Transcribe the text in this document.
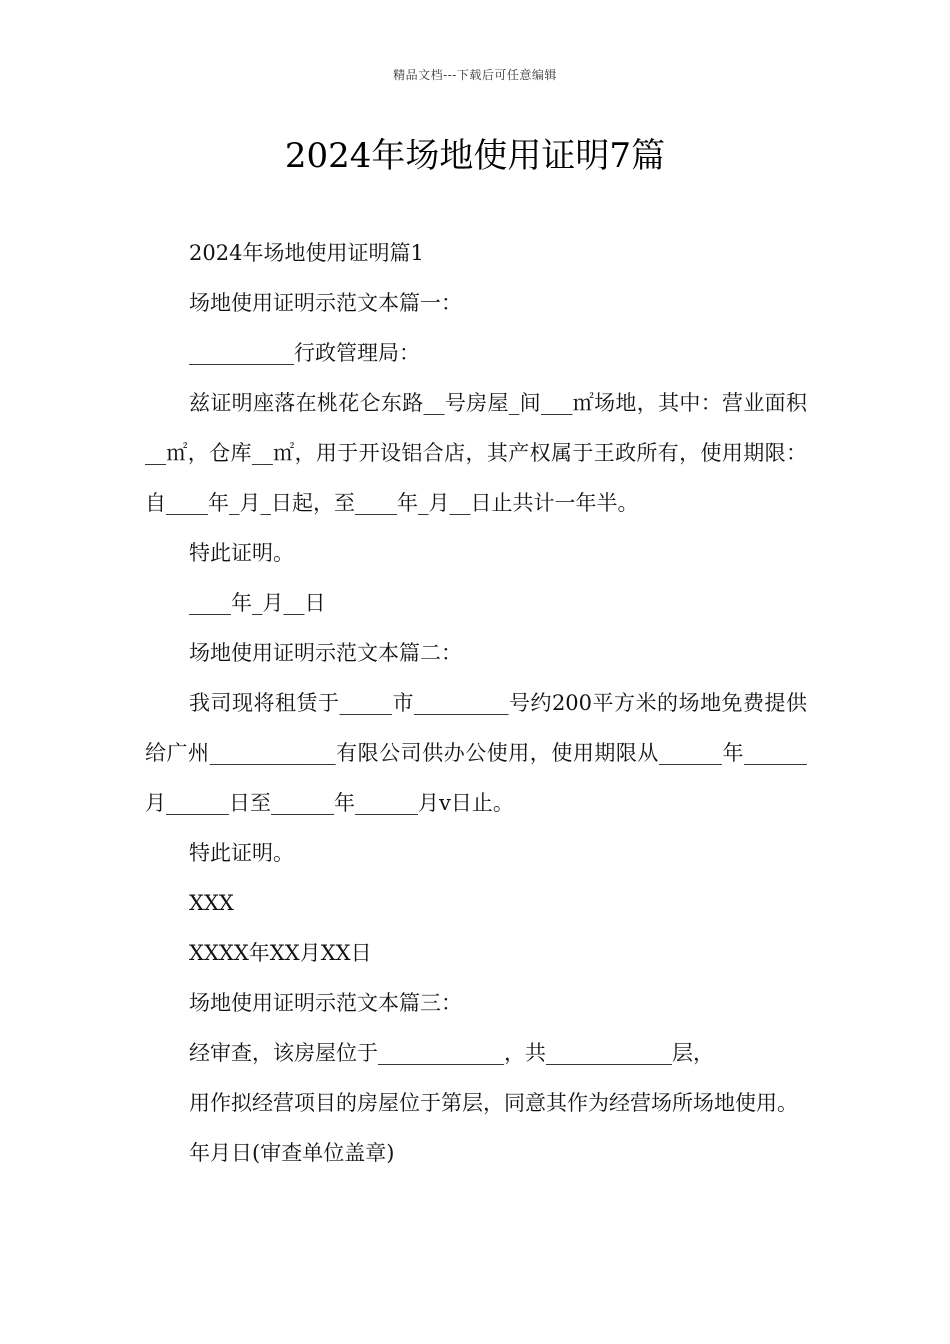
精品文档---下载后可任意编辑
2024年场地使用证明7篇

2024年场地使用证明篇1

场地使用证明示范文本篇一：

__________行政管理局：

兹证明座落在桃花仑东路__号房屋_间___㎡场地，其中：营业面积__㎡，仓库__㎡，用于开设铝合店，其产权属于王政所有，使用期限：自____年_月_日起，至____年_月__日止共计一年半。

特此证明。

____年_月__日

场地使用证明示范文本篇二：

我司现将租赁于_____市_________号约200平方米的场地免费提供给广州____________有限公司供办公使用，使用期限从______年______月______日至______年______月v日止。

特此证明。

XXX

XXXX年XX月XX日

场地使用证明示范文本篇三：

经审查，该房屋位于____________，共____________层，

用作拟经营项目的房屋位于第层，同意其作为经营场所场地使用。

年月日(审查单位盖章)
